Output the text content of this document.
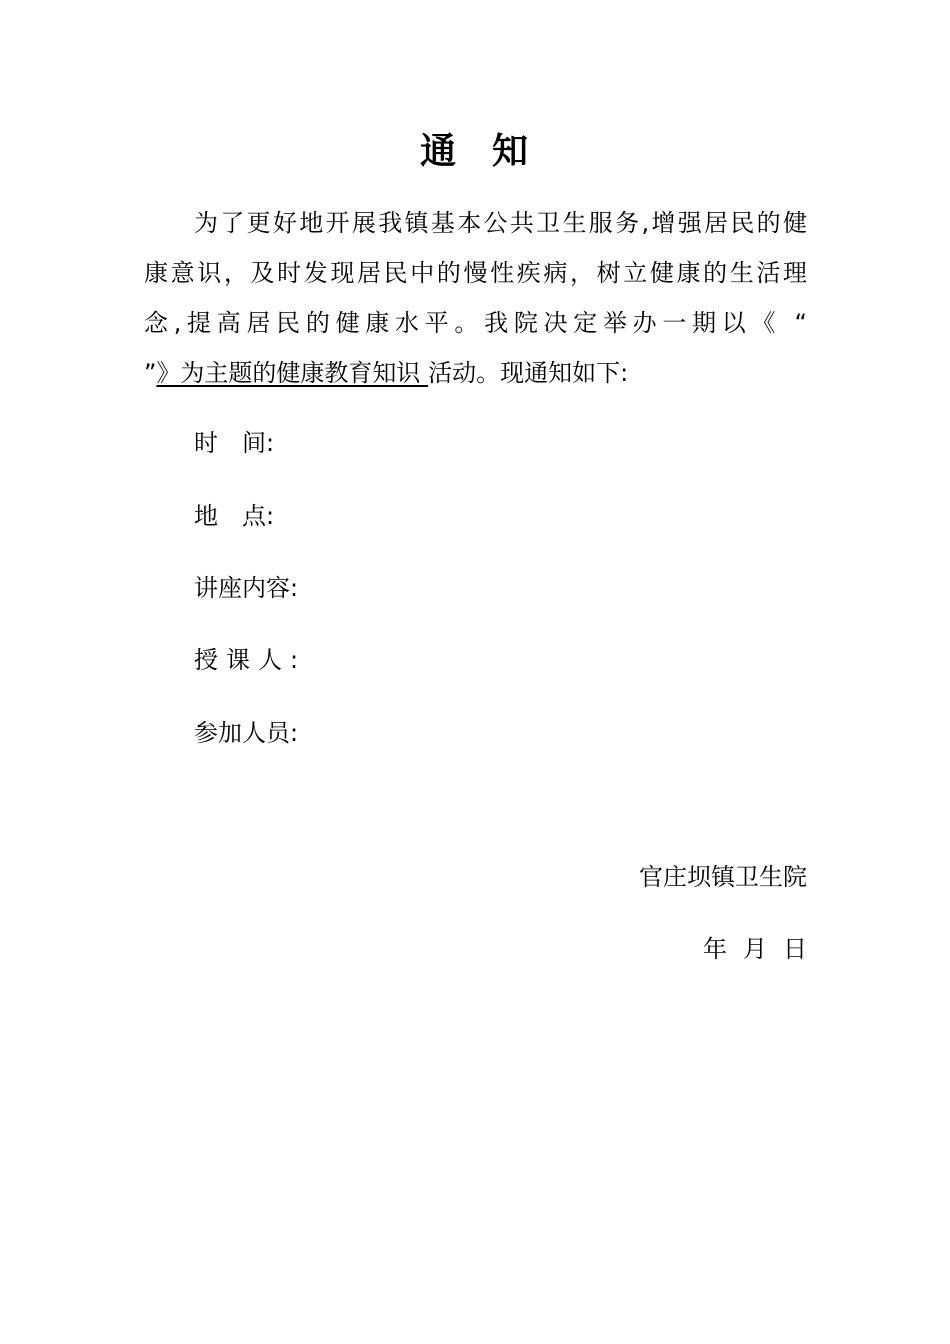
通 知
为了更好地开展我镇基本公共卫生服务,增强居民的健
康意识，及时发现居民中的慢性疾病，树立健康的生活理
念,提高居民的健康水平。我院决定举办一期以《 “
”》为主题的健康教育知识 活动。现通知如下:
时　间:
地　点:
讲座内容:
授课人:
参加人员:
官庄坝镇卫生院
年 月 日
